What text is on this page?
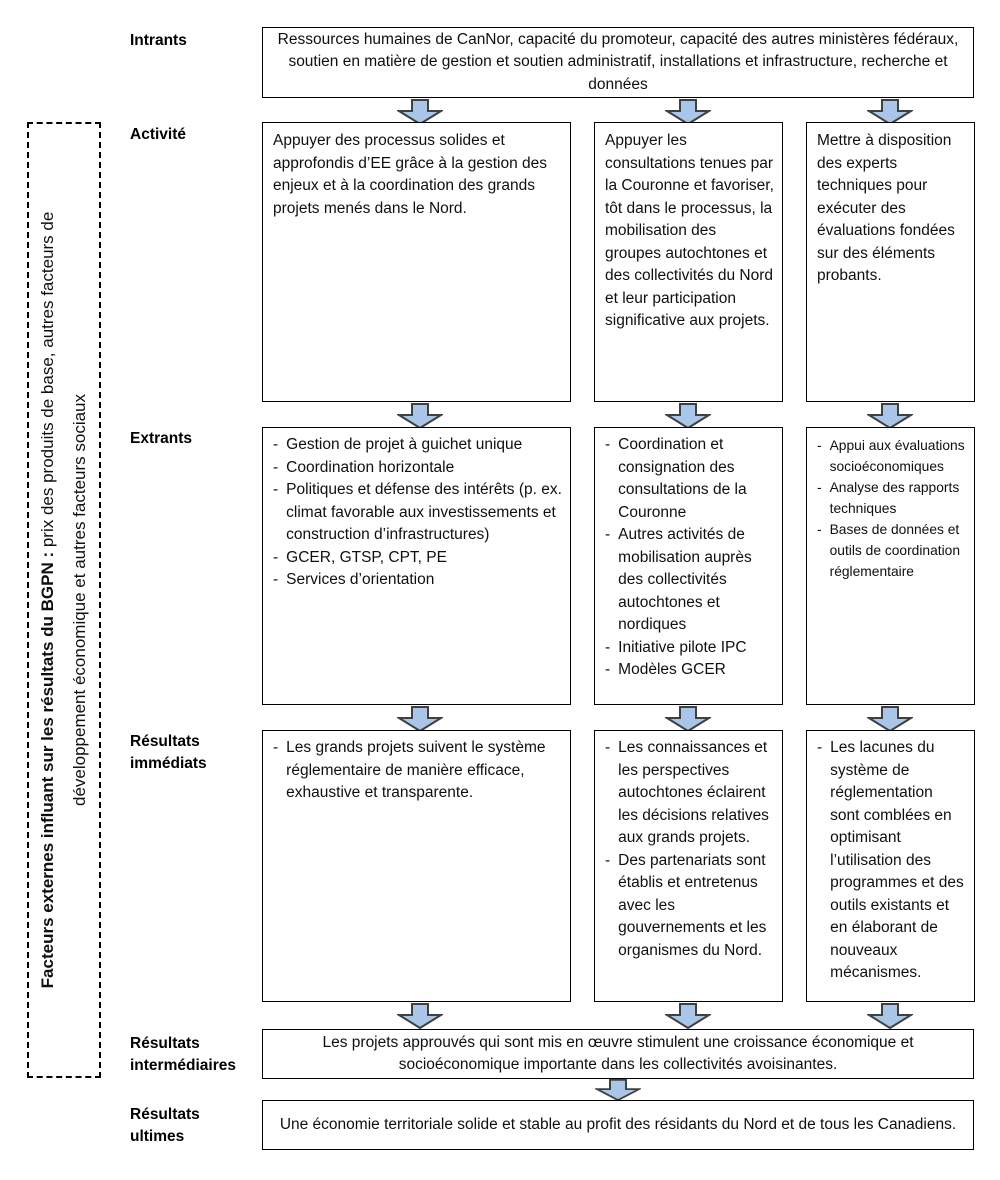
Facteurs externes influant sur les résultats du BGPN : prix des produits de base, autres facteurs de
développement économique et autres facteurs sociaux
Intrants
Activité
Extrants
Résultats immédiats
Résultats intermédiaires
Résultats ultimes
Ressources humaines de CanNor, capacité du promoteur, capacité des autres ministères fédéraux, soutien en matière de gestion et soutien administratif, installations et infrastructure, recherche et données
Appuyer des processus solides et approfondis d’EE grâce à la gestion des enjeux et à la coordination des grands projets menés dans le Nord.
Appuyer les consultations tenues par la Couronne et favoriser, tôt dans le processus, la mobilisation des groupes autochtones et des collectivités du Nord et leur participation significative aux projets.
Mettre à disposition des experts techniques pour exécuter des évaluations fondées sur des éléments probants.
- Gestion de projet à guichet unique
- Coordination horizontale
- Politiques et défense des intérêts (p. ex. climat favorable aux investissements et construction d’infrastructures)
- GCER, GTSP, CPT, PE
- Services d’orientation
- Coordination et consignation des consultations de la Couronne
- Autres activités de mobilisation auprès des collectivités autochtones et nordiques
- Initiative pilote IPC
- Modèles GCER
- Appui aux évaluations socioéconomiques
- Analyse des rapports techniques
- Bases de données et outils de coordination réglementaire
- Les grands projets suivent le système réglementaire de manière efficace, exhaustive et transparente.
- Les connaissances et les perspectives autochtones éclairent les décisions relatives aux grands projets.
- Des partenariats sont établis et entretenus avec les gouvernements et les organismes du Nord.
- Les lacunes du système de réglementation sont comblées en optimisant l’utilisation des programmes et des outils existants et en élaborant de nouveaux mécanismes.
Les projets approuvés qui sont mis en œuvre stimulent une croissance économique et socioéconomique importante dans les collectivités avoisinantes.
Une économie territoriale solide et stable au profit des résidants du Nord et de tous les Canadiens.
